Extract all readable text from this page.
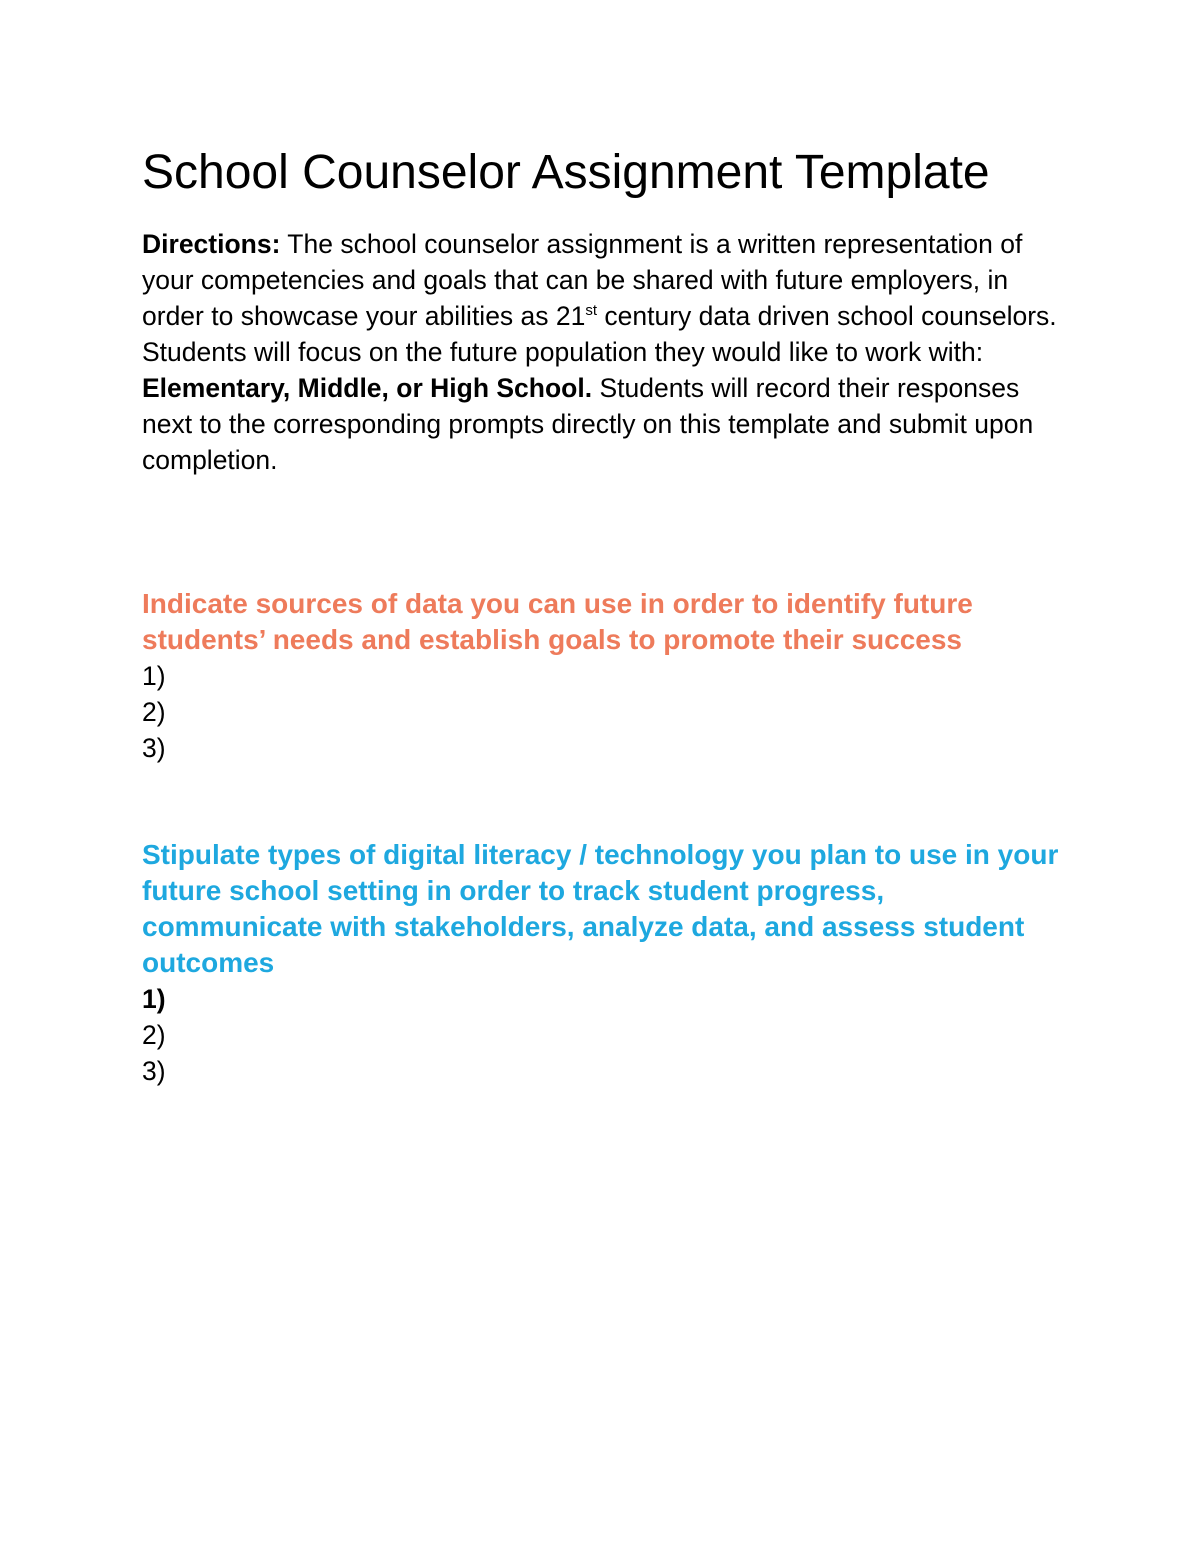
School Counselor Assignment Template

Directions: The school counselor assignment is a written representation of your competencies and goals that can be shared with future employers, in order to showcase your abilities as 21st century data driven school counselors. Students will focus on the future population they would like to work with: Elementary, Middle, or High School. Students will record their responses next to the corresponding prompts directly on this template and submit upon completion.

Indicate sources of data you can use in order to identify future students’ needs and establish goals to promote their success

1)
2)
3)

Stipulate types of digital literacy / technology you plan to use in your future school setting in order to track student progress, communicate with stakeholders, analyze data, and assess student outcomes

1)
2)
3)
